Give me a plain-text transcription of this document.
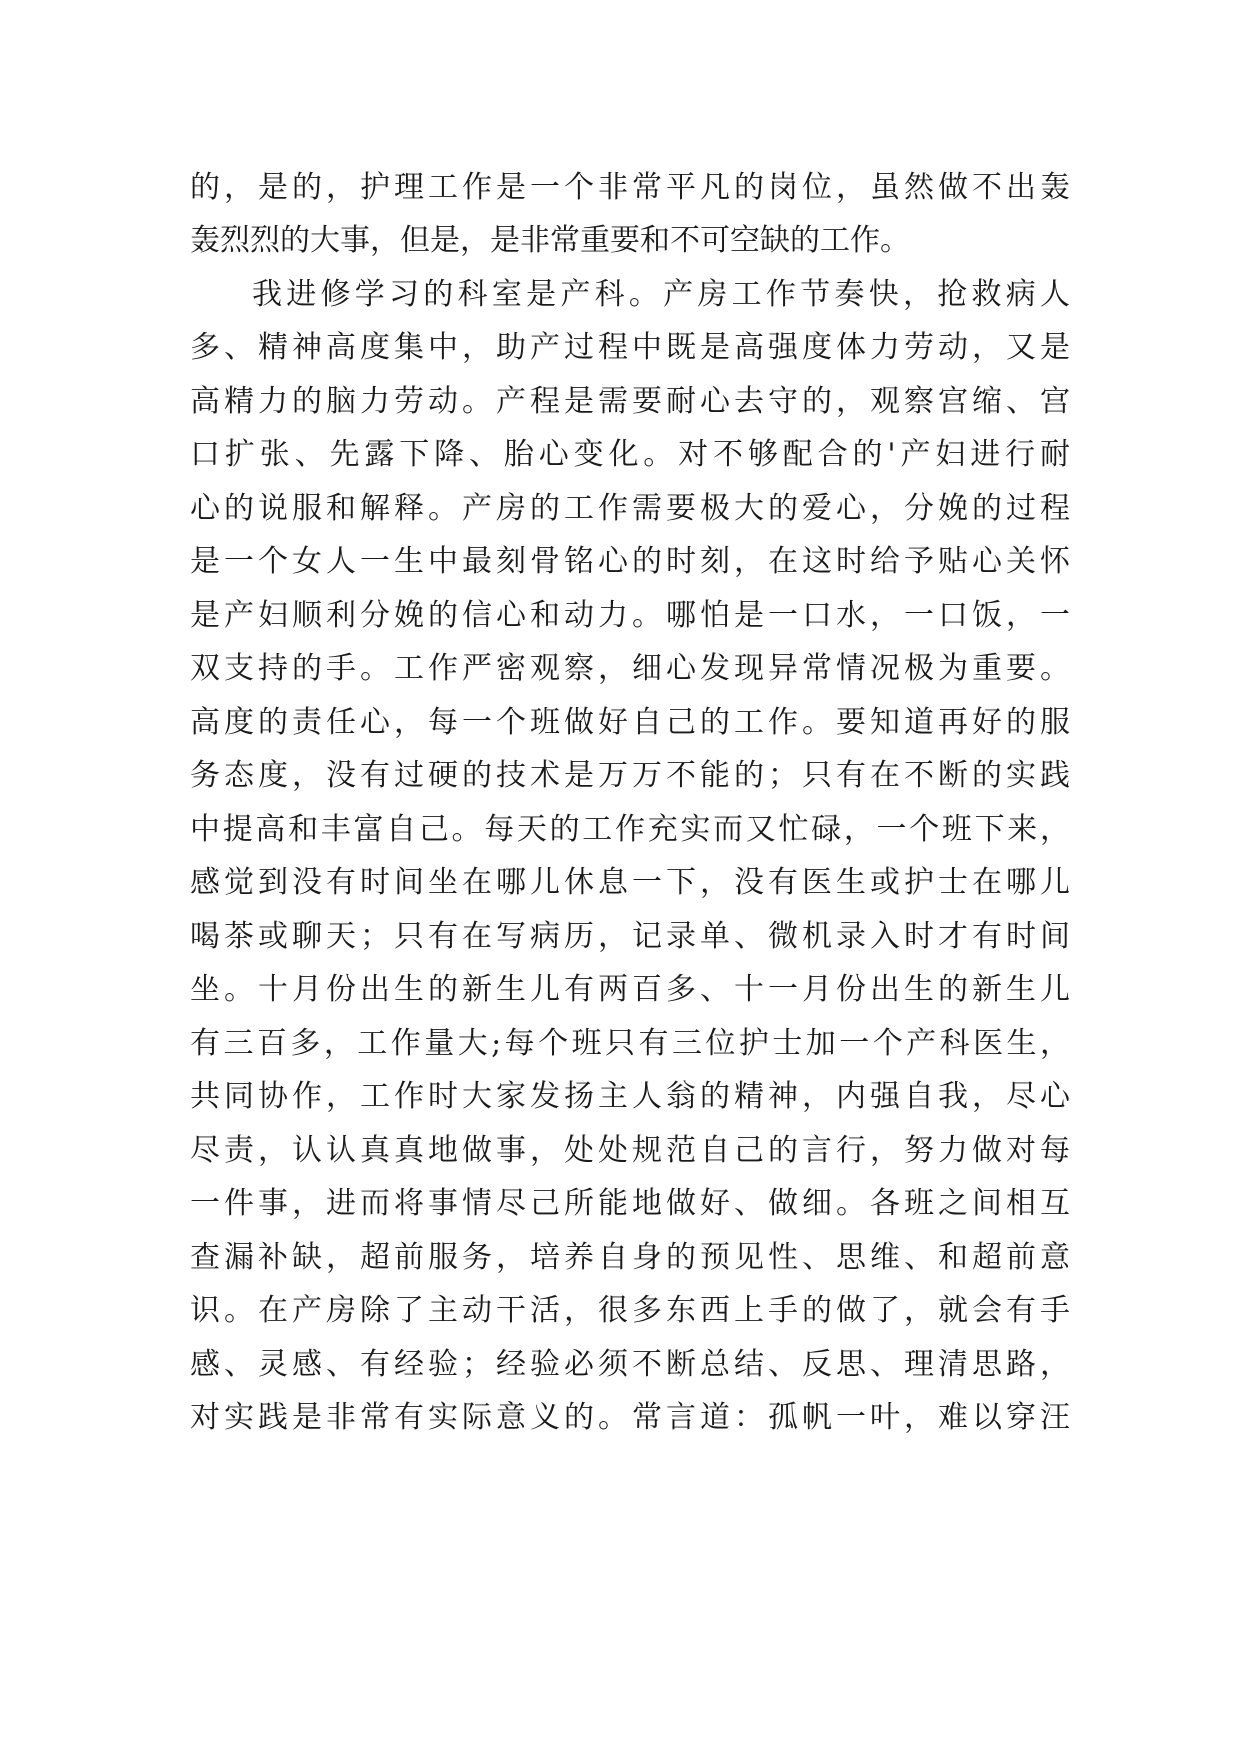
的，是的，护理工作是一个非常平凡的岗位，虽然做不出轰
轰烈烈的大事，但是，是非常重要和不可空缺的工作。
我进修学习的科室是产科。产房工作节奏快，抢救病人
多、精神高度集中，助产过程中既是高强度体力劳动，又是
高精力的脑力劳动。产程是需要耐心去守的，观察宫缩、宫
口扩张、先露下降、胎心变化。对不够配合的'产妇进行耐
心的说服和解释。产房的工作需要极大的爱心，分娩的过程
是一个女人一生中最刻骨铭心的时刻，在这时给予贴心关怀
是产妇顺利分娩的信心和动力。哪怕是一口水，一口饭，一
双支持的手。工作严密观察，细心发现异常情况极为重要。
高度的责任心，每一个班做好自己的工作。要知道再好的服
务态度，没有过硬的技术是万万不能的；只有在不断的实践
中提高和丰富自己。每天的工作充实而又忙碌，一个班下来，
感觉到没有时间坐在哪儿休息一下，没有医生或护士在哪儿
喝茶或聊天；只有在写病历，记录单、微机录入时才有时间
坐。十月份出生的新生儿有两百多、十一月份出生的新生儿
有三百多，工作量大;每个班只有三位护士加一个产科医生，
共同协作，工作时大家发扬主人翁的精神，内强自我，尽心
尽责，认认真真地做事，处处规范自己的言行，努力做对每
一件事，进而将事情尽己所能地做好、做细。各班之间相互
查漏补缺，超前服务，培养自身的预见性、思维、和超前意
识。在产房除了主动干活，很多东西上手的做了，就会有手
感、灵感、有经验；经验必须不断总结、反思、理清思路，
对实践是非常有实际意义的。常言道：孤帆一叶，难以穿汪
